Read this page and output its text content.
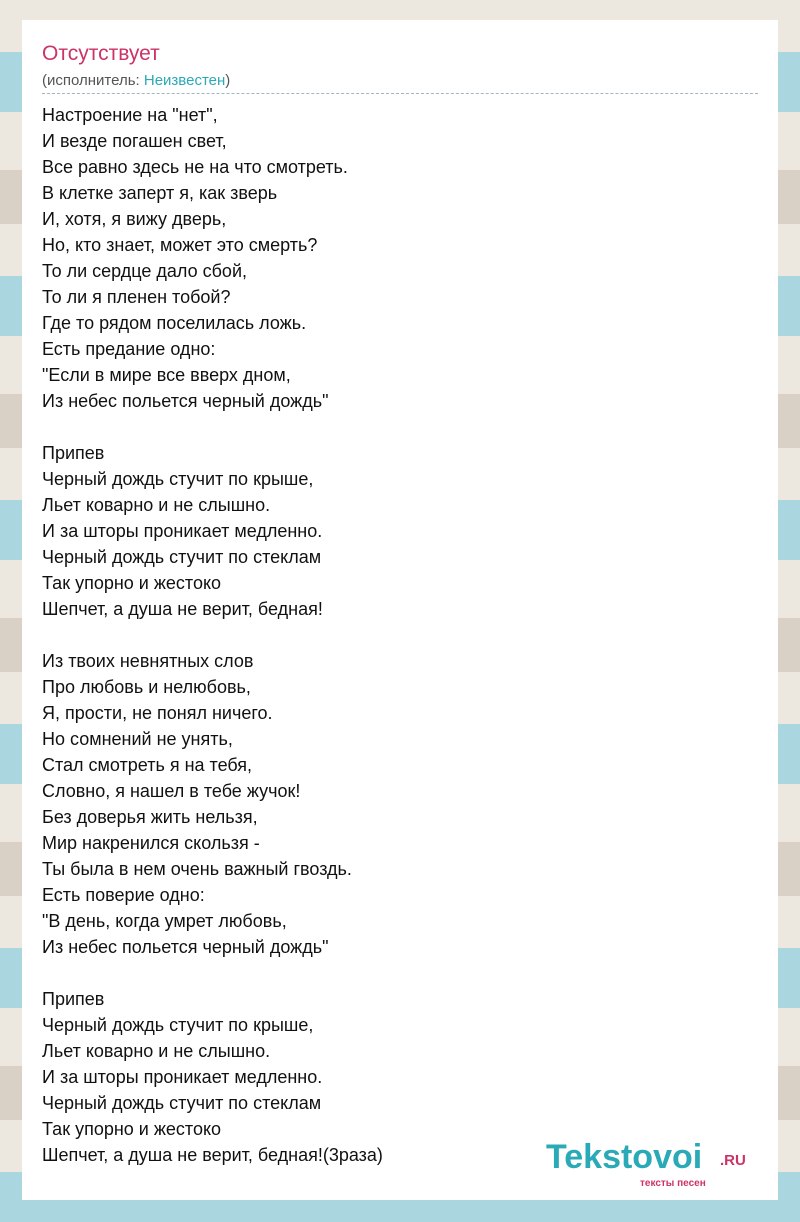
Отсутствует
(исполнитель: Неизвестен)
Настроение на "нет",
И везде погашен свет,
Все равно здесь не на что смотреть.
В клетке заперт я, как зверь
И, хотя, я вижу дверь,
Но, кто знает, может это смерть?
То ли сердце дало сбой,
То ли я пленен тобой?
Где то рядом поселилась ложь.
Есть предание одно:
"Если в мире все вверх дном,
Из небес польется черный дождь"
Припев
Черный дождь стучит по крыше,
Льет коварно и не слышно.
И за шторы проникает медленно.
Черный дождь стучит по стеклам
Так упорно и жестоко
Шепчет, а душа не верит, бедная!
Из твоих невнятных слов
Про любовь и нелюбовь,
Я, прости, не понял ничего.
Но сомнений не унять,
Стал смотреть я на тебя,
Словно, я нашел в тебе жучок!
Без доверья жить нельзя,
Мир накренился скользя -
Ты была в нем очень важный гвоздь.
Есть поверие одно:
"В день, когда умрет любовь,
Из небес польется черный дождь"
Припев
Черный дождь стучит по крыше,
Льет коварно и не слышно.
И за шторы проникает медленно.
Черный дождь стучит по стеклам
Так упорно и жестоко
Шепчет, а душа не верит, бедная!(3раза)	Tekstovoi .RU
тексты песен
